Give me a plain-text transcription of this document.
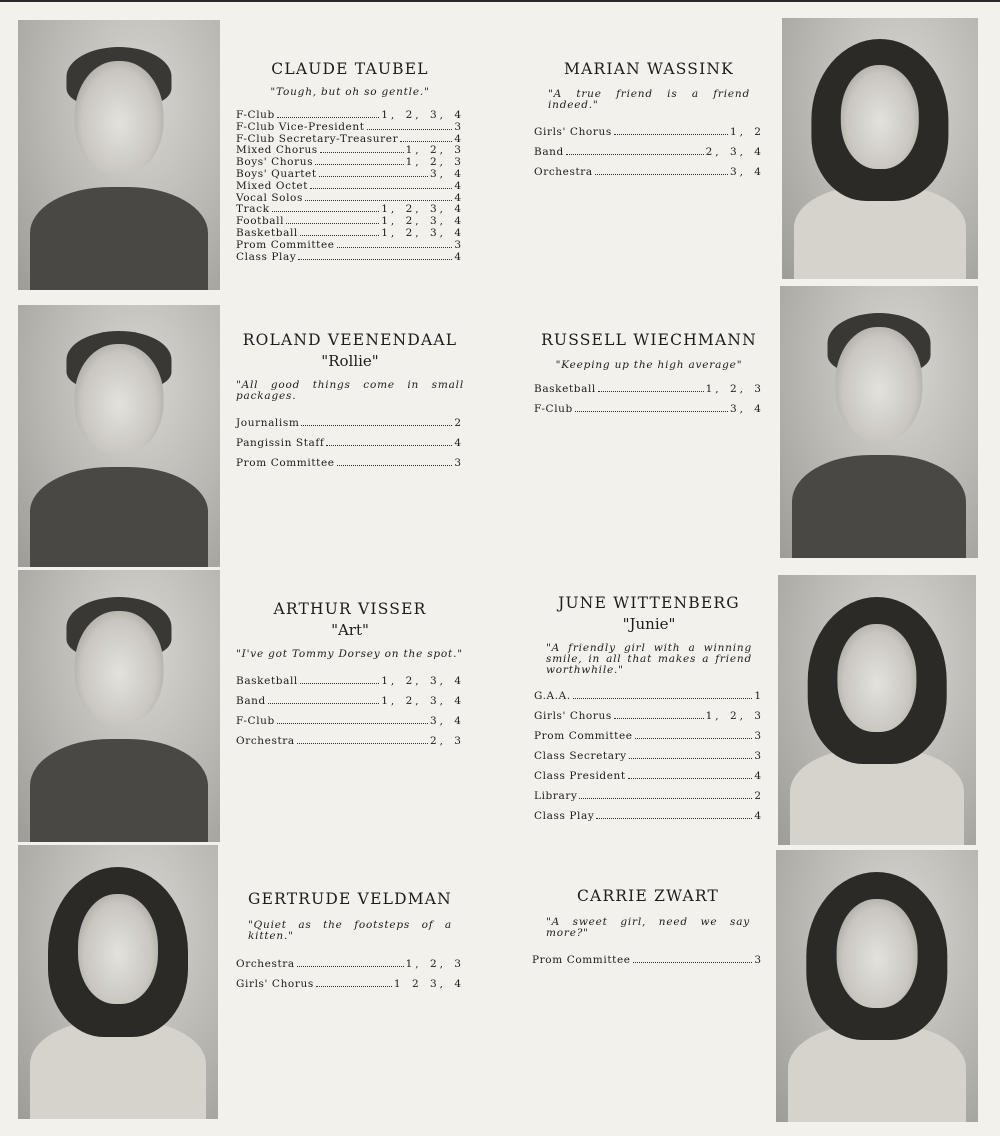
CLAUDE TAUBEL
"Tough, but oh so gentle."
F-Club	1, 2, 3, 4
F-Club Vice-President	3
F-Club Secretary-Treasurer	4
Mixed Chorus	1, 2, 3
Boys' Chorus	1, 2, 3
Boys' Quartet	3, 4
Mixed Octet	4
Vocal Solos	4
Track	1, 2, 3, 4
Football	1, 2, 3, 4
Basketball	1, 2, 3, 4
Prom Committee	3
Class Play	4
MARIAN WASSINK
"A true friend is a friend indeed."
Girls' Chorus	1, 2
Band	2, 3, 4
Orchestra	3, 4
ROLAND VEENENDAAL
"Rollie"
"All good things come in small packages.
Journalism	2
Pangissin Staff	4
Prom Committee	3
RUSSELL WIECHMANN
"Keeping up the high average"
Basketball	1, 2, 3
F-Club	3, 4
ARTHUR VISSER
"Art"
"I've got Tommy Dorsey on the spot."
Basketball	1, 2, 3, 4
Band	1, 2, 3, 4
F-Club	3, 4
Orchestra	2, 3
JUNE WITTENBERG
"Junie"
"A friendly girl with a winning smile, in all that makes a friend worthwhile."
G.A.A.	1
Girls' Chorus	1, 2, 3
Prom Committee	3
Class Secretary	3
Class President	4
Library	2
Class Play	4
GERTRUDE VELDMAN
"Quiet as the footsteps of a kitten."
Orchestra	1, 2, 3
Girls' Chorus	1 2 3, 4
CARRIE ZWART
"A sweet girl, need we say more?"
Prom Committee	3
